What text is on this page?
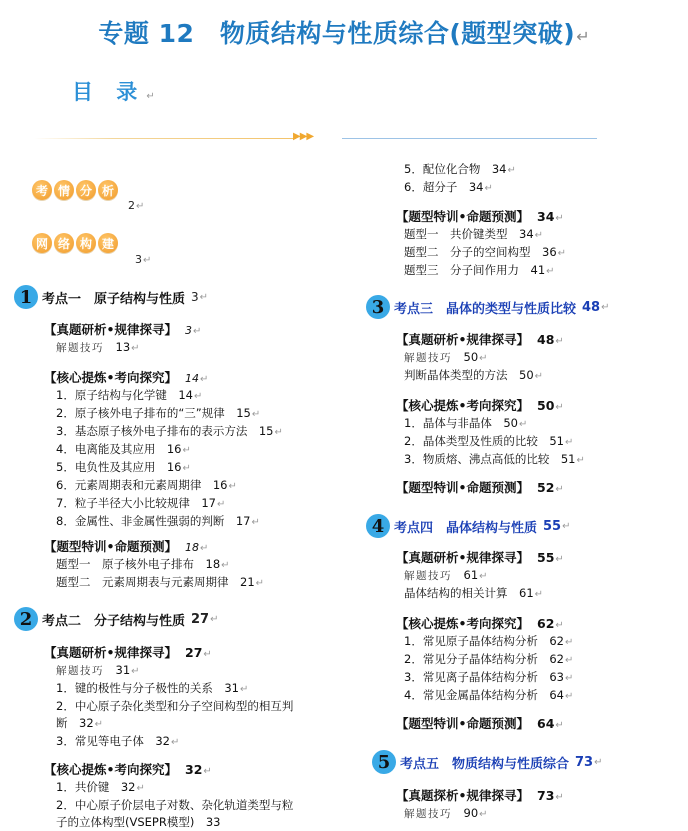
专题 12　物质结构与性质综合(题型突破)↵
目 录↵
▶▶▶
考 情 分 析
2↵
网 络 构 建
3↵
1 考点一　原子结构与性质 3 ↵
【真题研析•规律探寻】 3↵
解题技巧　 13↵
【核心提炼•考向探究】 14↵
1．原子结构与化学键　14↵
2．原子核外电子排布的“三”规律　15↵
3．基态原子核外电子排布的表示方法　15↵
4．电离能及其应用　16↵
5．电负性及其应用　16↵
6．元素周期表和元素周期律　16↵
7．粒子半径大小比较规律　17↵
8．金属性、非金属性强弱的判断　17↵
【题型特训•命题预测】 18↵
题型一　原子核外电子排布　18↵
题型二　元素周期表与元素周期律　21↵
2 考点二　分子结构与性质 27 ↵
【真题研析•规律探寻】 27↵
解题技巧　 31↵
1．键的极性与分子极性的关系　31↵
2．中心原子杂化类型和分子空间构型的相互判
断　32↵
3．常见等电子体　32↵
【核心提炼•考向探究】 32↵
1．共价键　32↵
2．中心原子价层电子对数、杂化轨道类型与粒
子的立体构型(VSEPR模型)　33
5．配位化合物　34↵
6．超分子　34↵
【题型特训•命题预测】 34↵
题型一　共价键类型　34↵
题型二　分子的空间构型　36↵
题型三　分子间作用力　41↵
3 考点三　晶体的类型与性质比较 48 ↵
【真题研析•规律探寻】 48↵
解题技巧　 50↵
判断晶体类型的方法　50↵
【核心提炼•考向探究】 50↵
1．晶体与非晶体　50↵
2．晶体类型及性质的比较　51↵
3．物质熔、沸点高低的比较　51↵
【题型特训•命题预测】 52↵
4 考点四　晶体结构与性质 55 ↵
【真题研析•规律探寻】 55↵
解题技巧　 61↵
晶体结构的相关计算　61↵
【核心提炼•考向探究】 62↵
1．常见原子晶体结构分析　62↵
2．常见分子晶体结构分析　62↵
3．常见离子晶体结构分析　63↵
4．常见金属晶体结构分析　64↵
【题型特训•命题预测】 64↵
5 考点五　物质结构与性质综合 73 ↵
【真题探析•规律探寻】 73↵
解题技巧　 90↵
